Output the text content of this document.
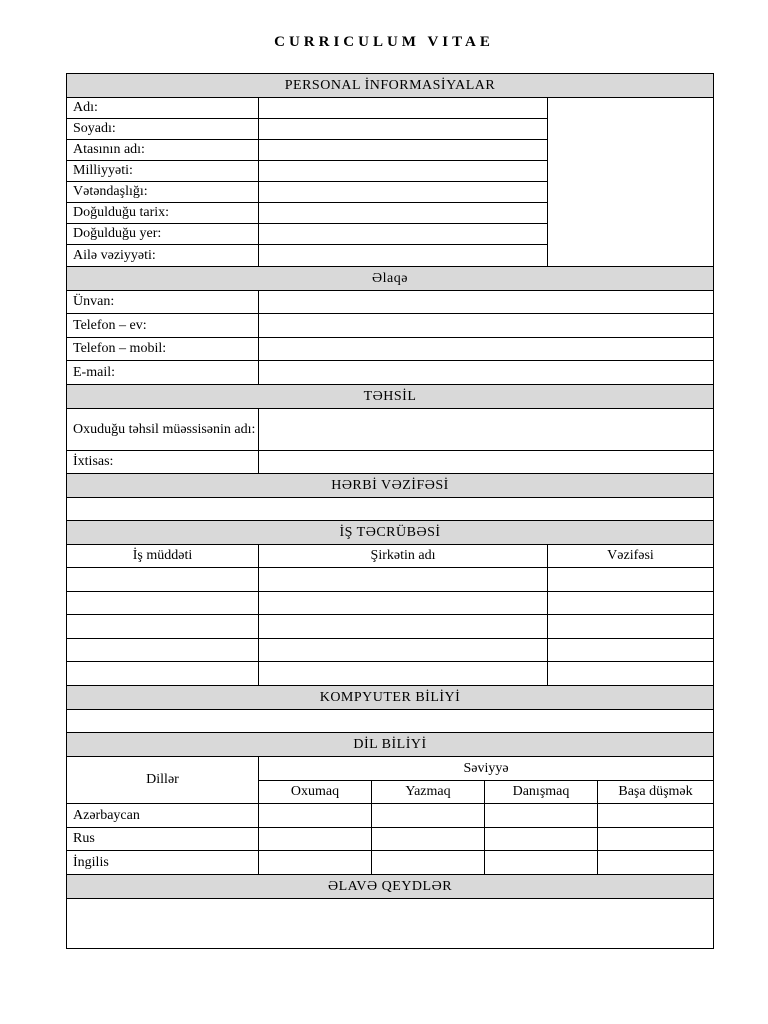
CURRICULUM VITAE
PERSONAL İNFORMASİYALAR					
Adı:					
Soyadı:					
Atasının adı:					
Milliyyəti:					
Vətəndaşlığı:					
Doğulduğu tarix:					
Doğulduğu yer:					
Ailə vəziyyəti:					
Əlaqə					
Ünvan:					
Telefon – ev:					
Telefon – mobil:					
E-mail:					
TƏHSİL					
Oxuduğu təhsil müəssisənin adı:					
İxtisas:					
HƏRBİ VƏZİFƏSİ					

İŞ TƏCRÜBƏSİ					
İş müddəti	Şirkətin adı			Vəzifəsi	

KOMPYUTER BİLİYİ					

DİL BİLİYİ					
Dillər	Səviyyə				
	Oxumaq	Yazmaq	Danışmaq		Başa düşmək
Azərbaycan					
Rus					
İngilis					
ƏLAVƏ QEYDLƏR					
